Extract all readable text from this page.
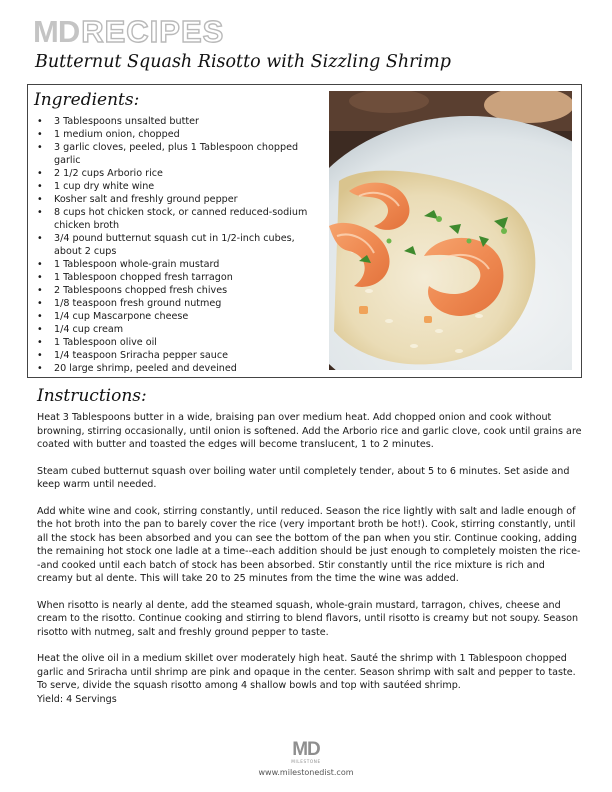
MD RECIPES
Butternut Squash Risotto with Sizzling Shrimp
Ingredients:
• 3 Tablespoons unsalted butter
• 1 medium onion, chopped
• 3 garlic cloves, peeled, plus 1 Tablespoon chopped garlic
• 2 1/2 cups Arborio rice
• 1 cup dry white wine
• Kosher salt and freshly ground pepper
• 8 cups hot chicken stock, or canned reduced-sodium chicken broth
• 3/4 pound butternut squash cut in 1/2-inch cubes, about 2 cups
• 1 Tablespoon whole-grain mustard
• 1 Tablespoon chopped fresh tarragon
• 2 Tablespoons chopped fresh chives
• 1/8 teaspoon fresh ground nutmeg
• 1/4 cup Mascarpone cheese
• 1/4 cup cream
• 1 Tablespoon olive oil
• 1/4 teaspoon Sriracha pepper sauce
• 20 large shrimp, peeled and deveined
Instructions:

Heat 3 Tablespoons butter in a wide, braising pan over medium heat. Add chopped onion and cook without browning, stirring occasionally, until onion is softened. Add the Arborio rice and garlic clove, cook until grains are coated with butter and toasted the edges will become translucent, 1 to 2 minutes.

Steam cubed butternut squash over boiling water until completely tender, about 5 to 6 minutes. Set aside and keep warm until needed.

Add white wine and cook, stirring constantly, until reduced. Season the rice lightly with salt and ladle enough of the hot broth into the pan to barely cover the rice (very important broth be hot!). Cook, stirring constantly, until all the stock has been absorbed and you can see the bottom of the pan when you stir. Continue cooking, adding the remaining hot stock one ladle at a time--each addition should be just enough to completely moisten the rice--and cooked until each batch of stock has been absorbed. Stir constantly until the rice mixture is rich and creamy but al dente. This will take 20 to 25 minutes from the time the wine was added.

When risotto is nearly al dente, add the steamed squash, whole-grain mustard, tarragon, chives, cheese and cream to the risotto. Continue cooking and stirring to blend flavors, until risotto is creamy but not soupy. Season risotto with nutmeg, salt and freshly ground pepper to taste.

Heat the olive oil in a medium skillet over moderately high heat. Sauté the shrimp with 1 Tablespoon chopped garlic and Sriracha until shrimp are pink and opaque in the center. Season shrimp with salt and pepper to taste. To serve, divide the squash risotto among 4 shallow bowls and top with sautéed shrimp.

Yield: 4 Servings
MD
MILESTONE
www.milestonedist.com
